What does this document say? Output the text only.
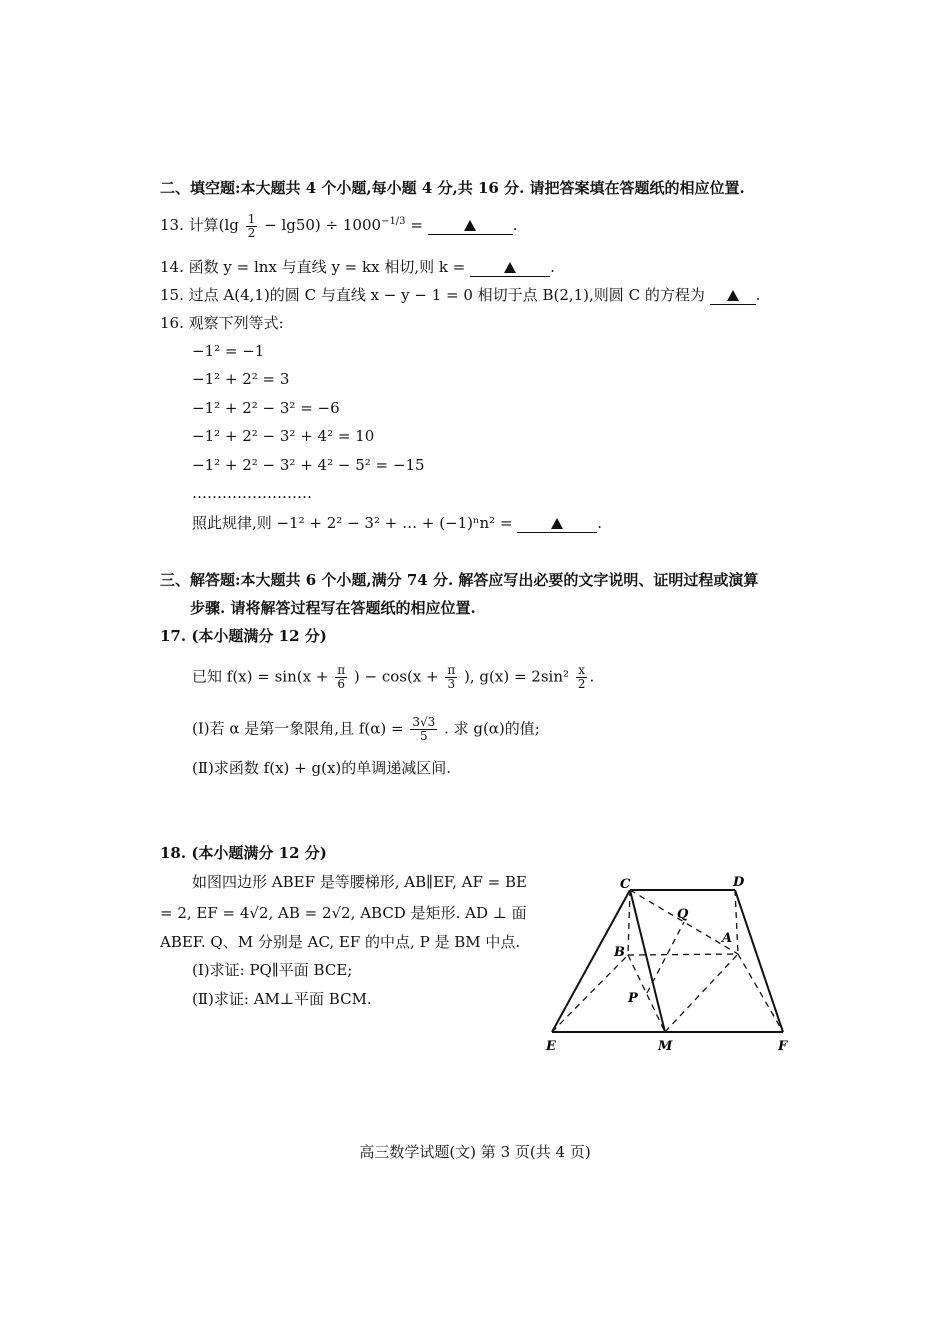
二、填空题:本大题共 4 个小题,每小题 4 分,共 16 分. 请把答案填在答题纸的相应位置.
13. 计算$(\lg \frac{1}{2} - \lg 50) \div 1000^{-1/3}$ =	.
14. 函数 y = lnx 与直线 y = kx 相切,则 k =	.
15. 过点 A(4,1)的圆 C 与直线 x − y − 1 = 0 相切于点 B(2,1),则圆 C 的方程为	.
16. 观察下列等式:
−1² = −1
−1² + 2² = 3
−1² + 2² − 3² = −6
−1² + 2² − 3² + 4² = 10
−1² + 2² − 3² + 4² − 5² = −15
……………………
照此规律,则 −1² + 2² − 3² + … + (−1)ⁿn² =	.
三、解答题:本大题共 6 个小题,满分 74 分. 解答应写出必要的文字说明、证明过程或演算
步骤. 请将解答过程写在答题纸的相应位置.
17. (本小题满分 12 分)
已知 $f(x) = \sin(x + \frac{\pi}{6}$ ) − $\cos(x + \frac{\pi}{3}$ ), $g(x) = 2\sin^2 \frac{x}{2}$ .
(Ⅰ)若 α 是第一象限角,且 $f(\alpha) = \frac{3√3}{5}$ . 求 g(α)的值;
(Ⅱ)求函数 f(x) + g(x)的单调递减区间.
18. (本小题满分 12 分)
如图四边形 ABEF 是等腰梯形, AB∥EF, AF = BE
= 2, EF = 4√2, AB = 2√2, ABCD 是矩形. AD ⊥ 面
ABEF. Q、M 分别是 AC, EF 的中点, P 是 BM 中点.
(Ⅰ)求证: PQ∥平面 BCE;
(Ⅱ)求证: AM⊥平面 BCM.
C	D
Q
B
A
P
E	M	F
高三数学试题(文) 第 3 页(共 4 页)
